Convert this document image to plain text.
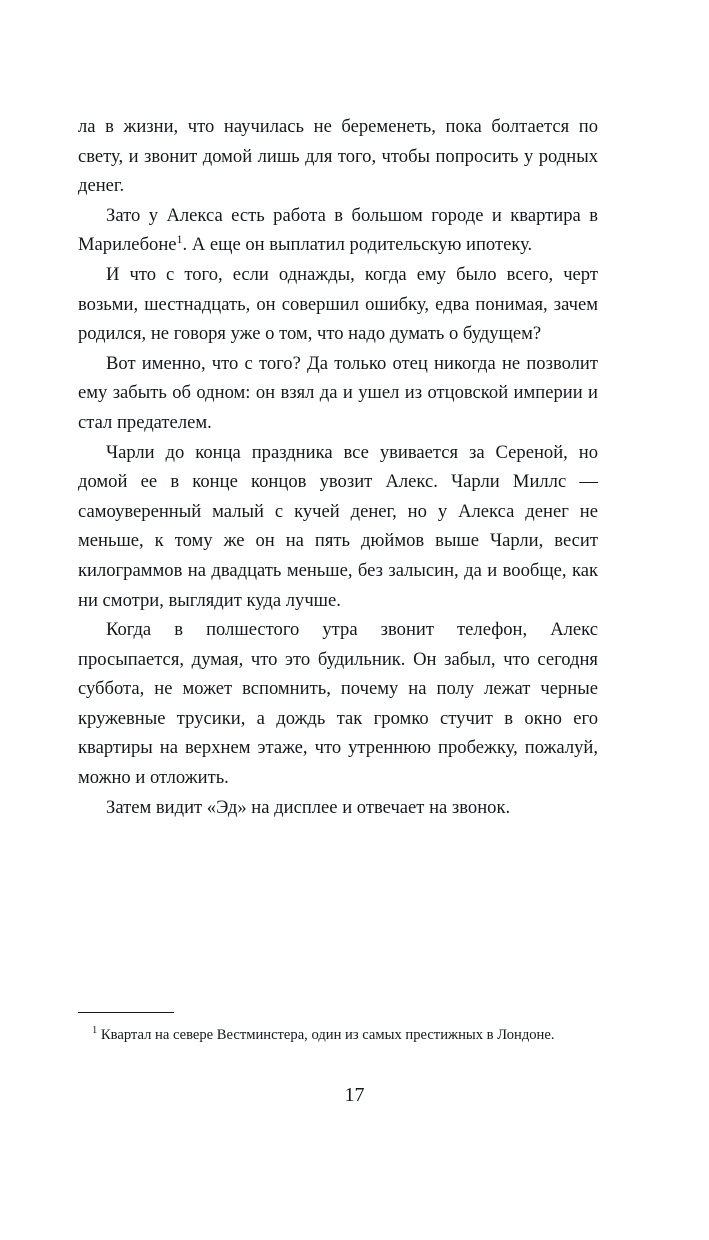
ла в жизни, что научилась не беременеть, пока болтается по свету, и звонит домой лишь для того, чтобы попросить у родных денег.

Зато у Алекса есть работа в большом городе и квартира в Марилебоне$^1$. А еще он выплатил родительскую ипотеку.

И что с того, если однажды, когда ему было всего, черт возьми, шестнадцать, он совершил ошибку, едва понимая, зачем родился, не говоря уже о том, что надо думать о будущем?

Вот именно, что с того? Да только отец никогда не позволит ему забыть об одном: он взял да и ушел из отцовской империи и стал предателем.

Чарли до конца праздника все увивается за Сереной, но домой ее в конце концов увозит Алекс. Чарли Миллс — самоуверенный малый с кучей денег, но у Алекса денег не меньше, к тому же он на пять дюймов выше Чарли, весит килограммов на двадцать меньше, без залысин, да и вообще, как ни смотри, выглядит куда лучше.

Когда в полшестого утра звонит телефон, Алекс просыпается, думая, что это будильник. Он забыл, что сегодня суббота, не может вспомнить, почему на полу лежат черные кружевные трусики, а дождь так громко стучит в окно его квартиры на верхнем этаже, что утреннюю пробежку, пожалуй, можно и отложить.

Затем видит «Эд» на дисплее и отвечает на звонок.

$^1$ Квартал на севере Вестминстера, один из самых престижных в Лондоне.

17
